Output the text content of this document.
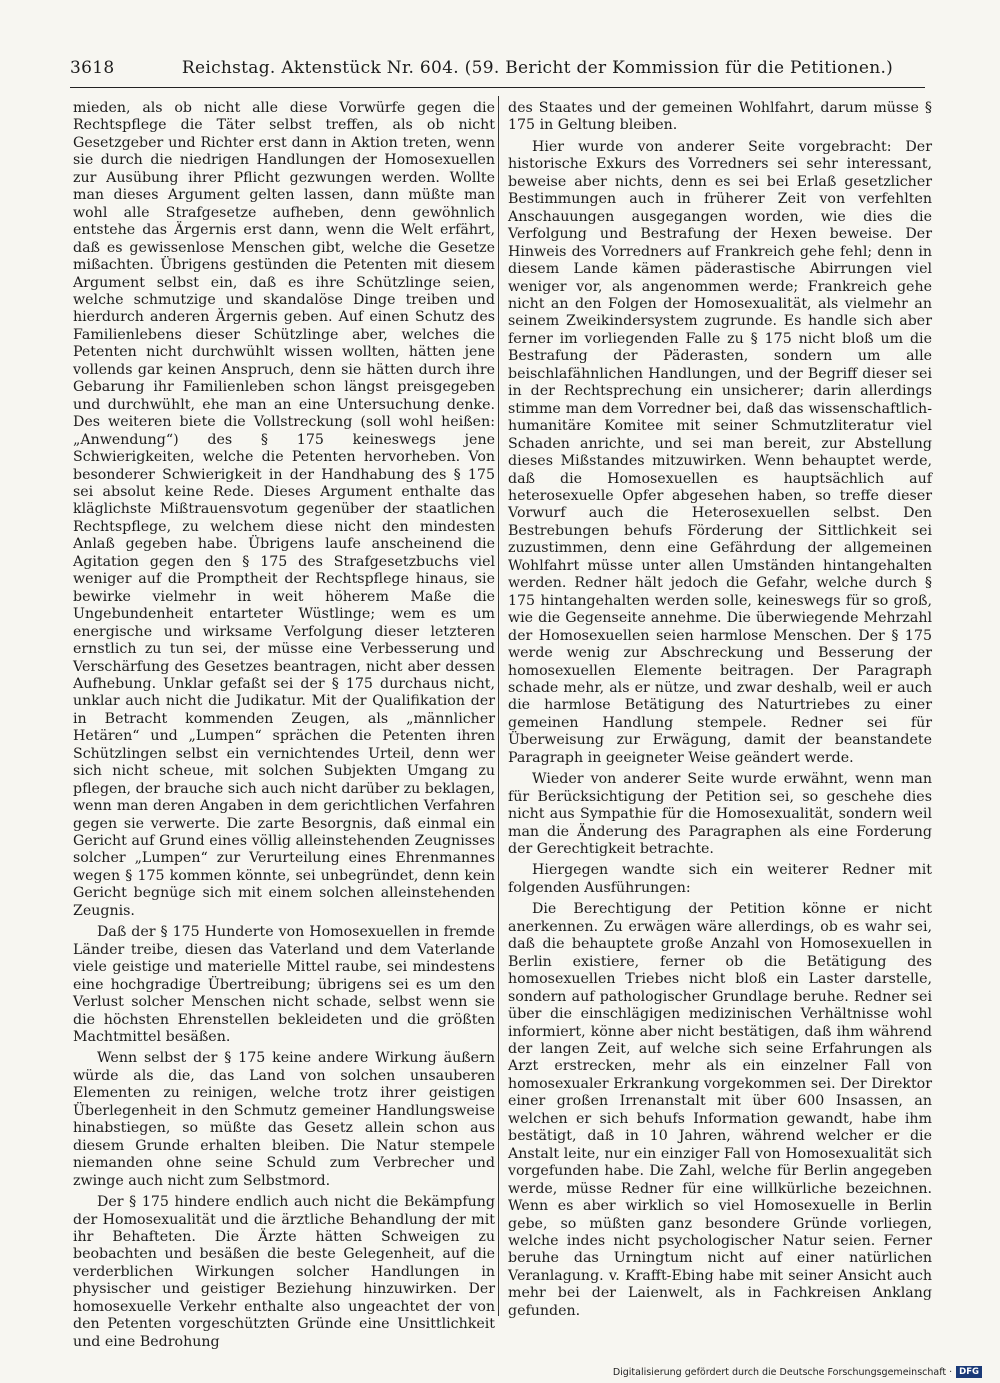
3618	Reichstag. Aktenstück Nr. 604. (59. Bericht der Kommission für die Petitionen.)

mieden, als ob nicht alle diese Vorwürfe gegen die Rechtspflege die Täter selbst treffen, als ob nicht Gesetzgeber und Richter erst dann in Aktion treten, wenn sie durch die niedrigen Handlungen der Homosexuellen zur Ausübung ihrer Pflicht gezwungen werden. Wollte man dieses Argument gelten lassen, dann müßte man wohl alle Strafgesetze aufheben, denn gewöhnlich entstehe das Ärgernis erst dann, wenn die Welt erfährt, daß es gewissenlose Menschen gibt, welche die Gesetze mißachten. Übrigens gestünden die Petenten mit diesem Argument selbst ein, daß es ihre Schützlinge seien, welche schmutzige und skandalöse Dinge treiben und hierdurch anderen Ärgernis geben. Auf einen Schutz des Familienlebens dieser Schützlinge aber, welches die Petenten nicht durchwühlt wissen wollten, hätten jene vollends gar keinen Anspruch, denn sie hätten durch ihre Gebarung ihr Familienleben schon längst preisgegeben und durchwühlt, ehe man an eine Untersuchung denke. Des weiteren biete die Vollstreckung (soll wohl heißen: „Anwendung“) des § 175 keineswegs jene Schwierigkeiten, welche die Petenten hervorheben. Von besonderer Schwierigkeit in der Handhabung des § 175 sei absolut keine Rede. Dieses Argument enthalte das kläglichste Mißtrauensvotum gegenüber der staatlichen Rechtspflege, zu welchem diese nicht den mindesten Anlaß gegeben habe. Übrigens laufe anscheinend die Agitation gegen den § 175 des Strafgesetzbuchs viel weniger auf die Promptheit der Rechtspflege hinaus, sie bewirke vielmehr in weit höherem Maße die Ungebundenheit entarteter Wüstlinge; wem es um energische und wirksame Verfolgung dieser letzteren ernstlich zu tun sei, der müsse eine Verbesserung und Verschärfung des Gesetzes beantragen, nicht aber dessen Aufhebung. Unklar gefaßt sei der § 175 durchaus nicht, unklar auch nicht die Judikatur. Mit der Qualifikation der in Betracht kommenden Zeugen, als „männlicher Hetären“ und „Lumpen“ sprächen die Petenten ihren Schützlingen selbst ein vernichtendes Urteil, denn wer sich nicht scheue, mit solchen Subjekten Umgang zu pflegen, der brauche sich auch nicht darüber zu beklagen, wenn man deren Angaben in dem gerichtlichen Verfahren gegen sie verwerte. Die zarte Besorgnis, daß einmal ein Gericht auf Grund eines völlig alleinstehenden Zeugnisses solcher „Lumpen“ zur Verurteilung eines Ehrenmannes wegen § 175 kommen könnte, sei unbegründet, denn kein Gericht begnüge sich mit einem solchen alleinstehenden Zeugnis.

Daß der § 175 Hunderte von Homosexuellen in fremde Länder treibe, diesen das Vaterland und dem Vaterlande viele geistige und materielle Mittel raube, sei mindestens eine hochgradige Übertreibung; übrigens sei es um den Verlust solcher Menschen nicht schade, selbst wenn sie die höchsten Ehrenstellen bekleideten und die größten Machtmittel besäßen.

Wenn selbst der § 175 keine andere Wirkung äußern würde als die, das Land von solchen unsauberen Elementen zu reinigen, welche trotz ihrer geistigen Überlegenheit in den Schmutz gemeiner Handlungsweise hinabstiegen, so müßte das Gesetz allein schon aus diesem Grunde erhalten bleiben. Die Natur stempele niemanden ohne seine Schuld zum Verbrecher und zwinge auch nicht zum Selbstmord.

Der § 175 hindere endlich auch nicht die Bekämpfung der Homosexualität und die ärztliche Behandlung der mit ihr Behafteten. Die Ärzte hätten Schweigen zu beobachten und besäßen die beste Gelegenheit, auf die verderblichen Wirkungen solcher Handlungen in physischer und geistiger Beziehung hinzuwirken. Der homosexuelle Verkehr enthalte also ungeachtet der von den Petenten vorgeschützten Gründe eine Unsittlichkeit und eine Bedrohung

des Staates und der gemeinen Wohlfahrt, darum müsse § 175 in Geltung bleiben.

Hier wurde von anderer Seite vorgebracht: Der historische Exkurs des Vorredners sei sehr interessant, beweise aber nichts, denn es sei bei Erlaß gesetzlicher Bestimmungen auch in früherer Zeit von verfehlten Anschauungen ausgegangen worden, wie dies die Verfolgung und Bestrafung der Hexen beweise. Der Hinweis des Vorredners auf Frankreich gehe fehl; denn in diesem Lande kämen päderastische Abirrungen viel weniger vor, als angenommen werde; Frankreich gehe nicht an den Folgen der Homosexualität, als vielmehr an seinem Zweikindersystem zugrunde. Es handle sich aber ferner im vorliegenden Falle zu § 175 nicht bloß um die Bestrafung der Päderasten, sondern um alle beischlafähnlichen Handlungen, und der Begriff dieser sei in der Rechtsprechung ein unsicherer; darin allerdings stimme man dem Vorredner bei, daß das wissenschaftlich-humanitäre Komitee mit seiner Schmutzliteratur viel Schaden anrichte, und sei man bereit, zur Abstellung dieses Mißstandes mitzuwirken. Wenn behauptet werde, daß die Homosexuellen es hauptsächlich auf heterosexuelle Opfer abgesehen haben, so treffe dieser Vorwurf auch die Heterosexuellen selbst. Den Bestrebungen behufs Förderung der Sittlichkeit sei zuzustimmen, denn eine Gefährdung der allgemeinen Wohlfahrt müsse unter allen Umständen hintangehalten werden. Redner hält jedoch die Gefahr, welche durch § 175 hintangehalten werden solle, keineswegs für so groß, wie die Gegenseite annehme. Die überwiegende Mehrzahl der Homosexuellen seien harmlose Menschen. Der § 175 werde wenig zur Abschreckung und Besserung der homosexuellen Elemente beitragen. Der Paragraph schade mehr, als er nütze, und zwar deshalb, weil er auch die harmlose Betätigung des Naturtriebes zu einer gemeinen Handlung stempele. Redner sei für Überweisung zur Erwägung, damit der beanstandete Paragraph in geeigneter Weise geändert werde.

Wieder von anderer Seite wurde erwähnt, wenn man für Berücksichtigung der Petition sei, so geschehe dies nicht aus Sympathie für die Homosexualität, sondern weil man die Änderung des Paragraphen als eine Forderung der Gerechtigkeit betrachte.

Hiergegen wandte sich ein weiterer Redner mit folgenden Ausführungen:

Die Berechtigung der Petition könne er nicht anerkennen. Zu erwägen wäre allerdings, ob es wahr sei, daß die behauptete große Anzahl von Homosexuellen in Berlin existiere, ferner ob die Betätigung des homosexuellen Triebes nicht bloß ein Laster darstelle, sondern auf pathologischer Grundlage beruhe. Redner sei über die einschlägigen medizinischen Verhältnisse wohl informiert, könne aber nicht bestätigen, daß ihm während der langen Zeit, auf welche sich seine Erfahrungen als Arzt erstrecken, mehr als ein einzelner Fall von homosexualer Erkrankung vorgekommen sei. Der Direktor einer großen Irrenanstalt mit über 600 Insassen, an welchen er sich behufs Information gewandt, habe ihm bestätigt, daß in 10 Jahren, während welcher er die Anstalt leite, nur ein einziger Fall von Homosexualität sich vorgefunden habe. Die Zahl, welche für Berlin angegeben werde, müsse Redner für eine willkürliche bezeichnen. Wenn es aber wirklich so viel Homosexuelle in Berlin gebe, so müßten ganz besondere Gründe vorliegen, welche indes nicht psychologischer Natur seien. Ferner beruhe das Urningtum nicht auf einer natürlichen Veranlagung. v. Krafft-Ebing habe mit seiner Ansicht auch mehr bei der Laienwelt, als in Fachkreisen Anklang gefunden.

Digitalisierung gefördert durch die Deutsche Forschungsgemeinschaft · DFG
